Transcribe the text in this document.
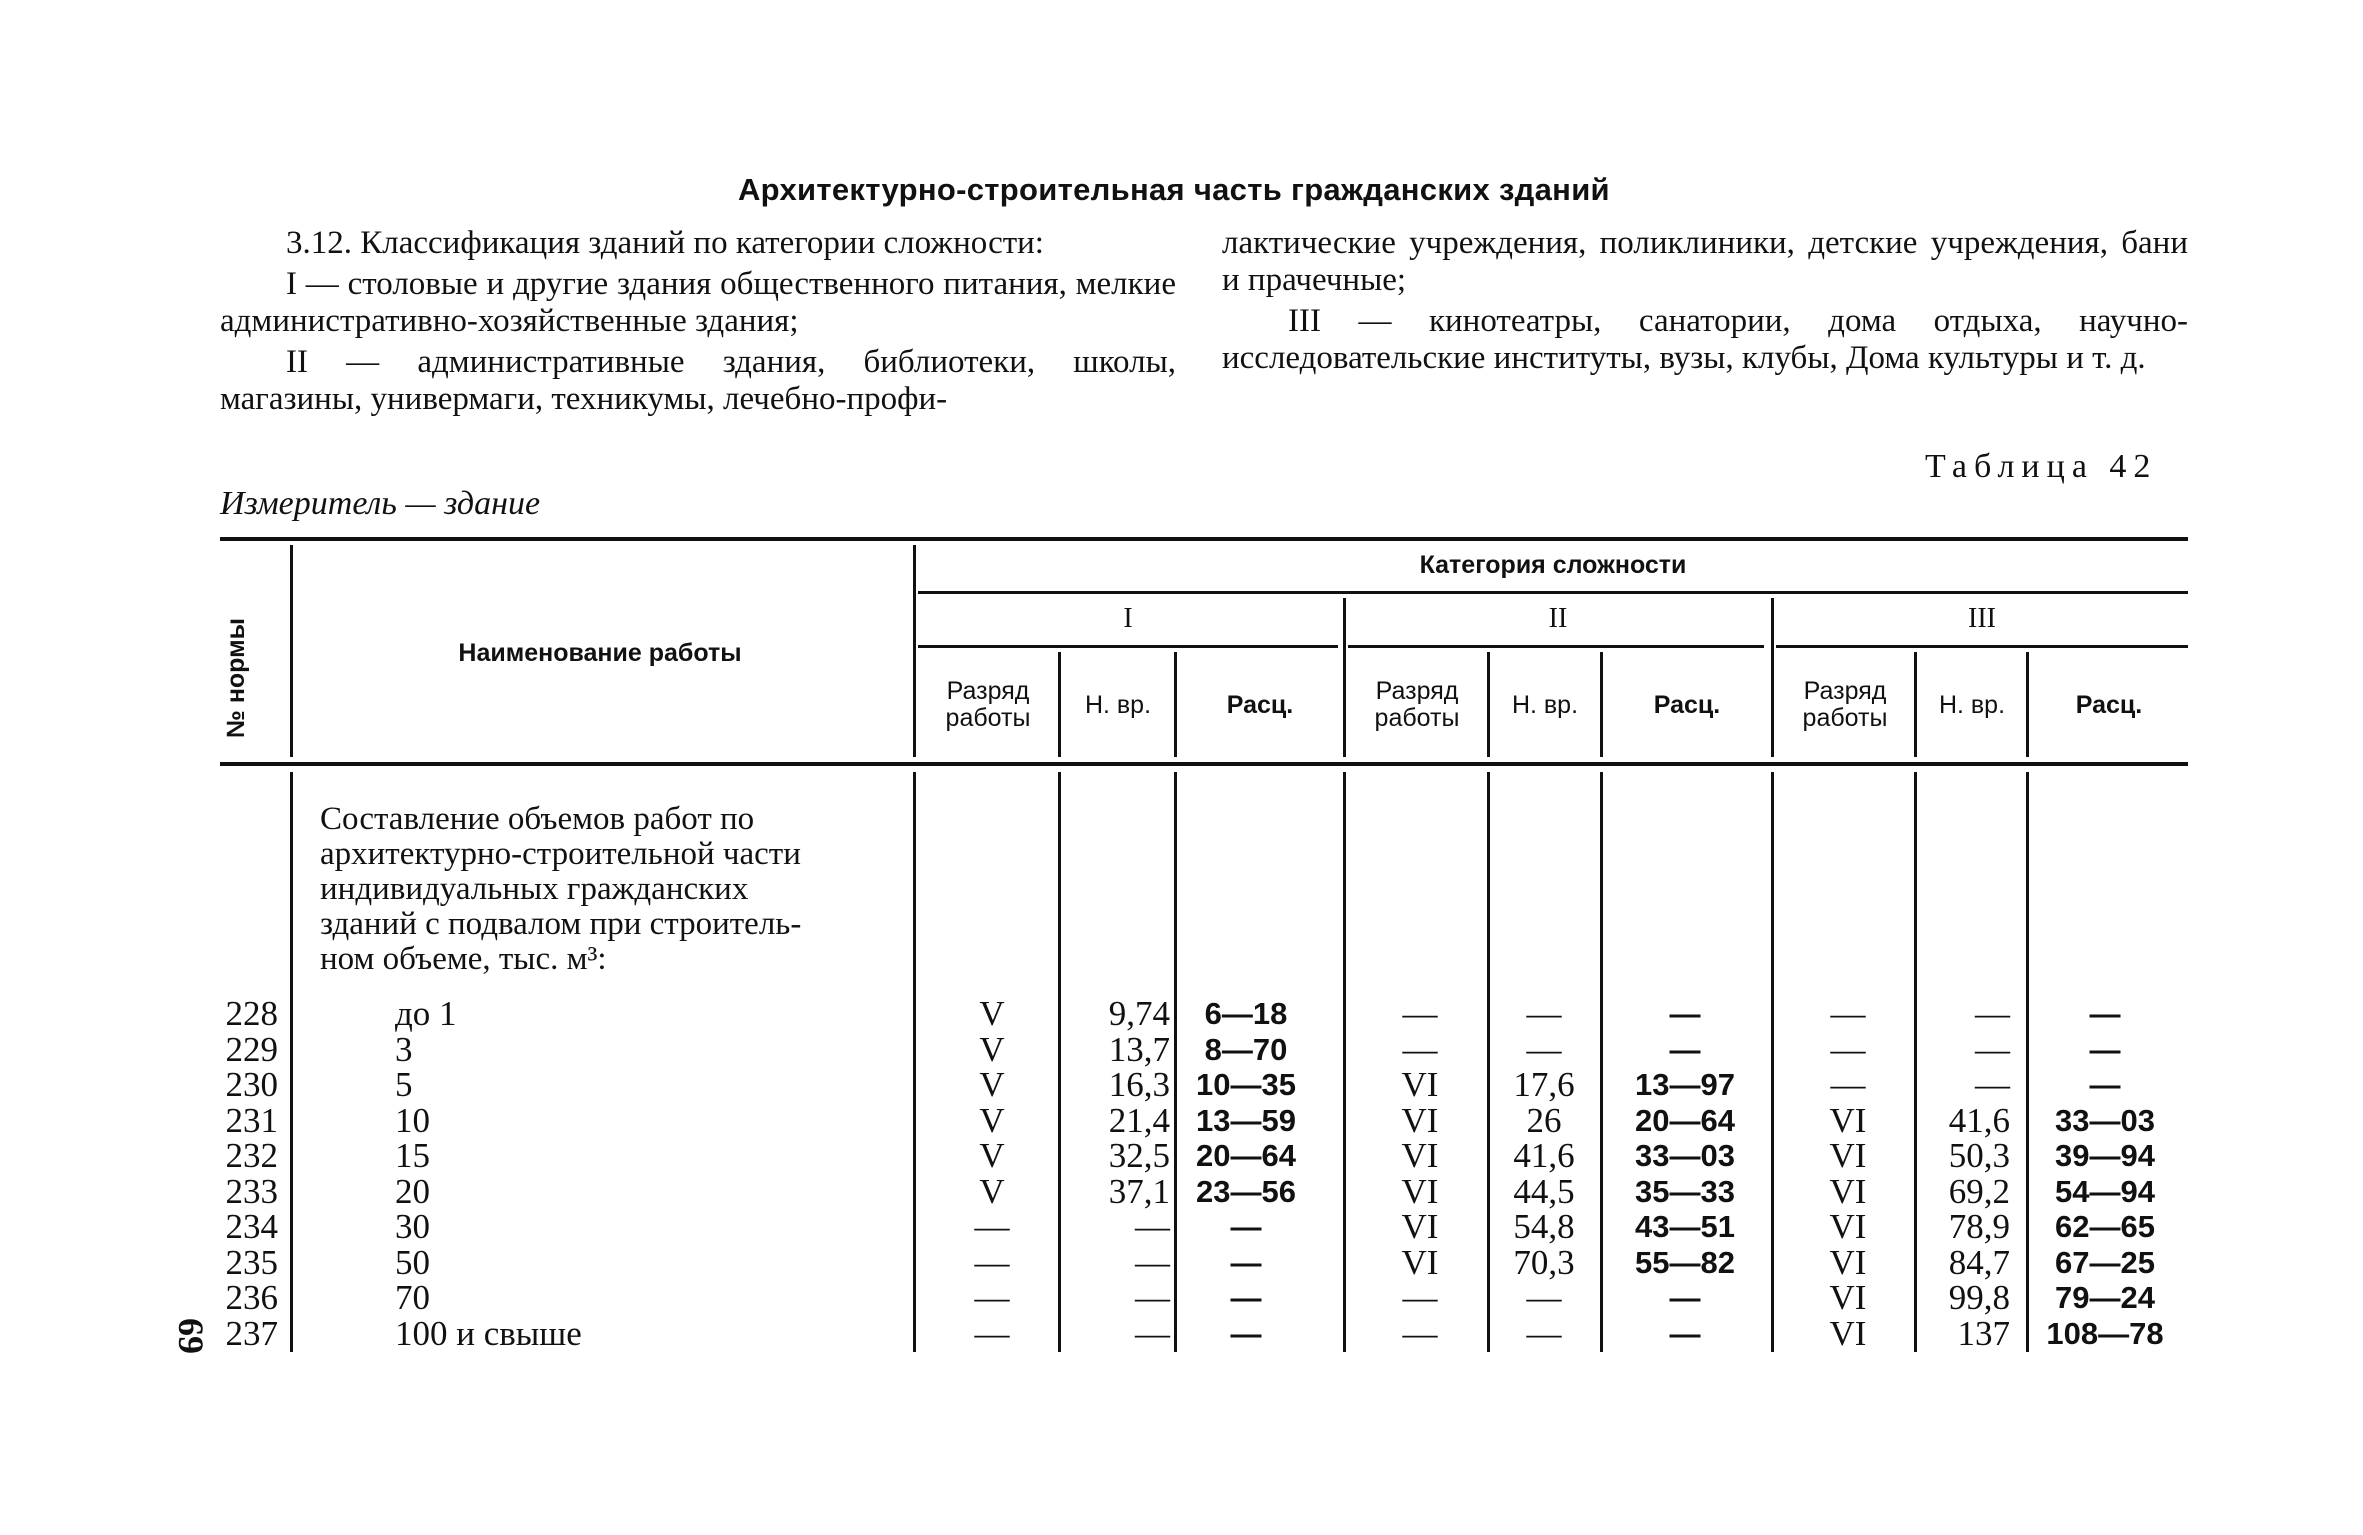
Архитектурно-строительная часть гражданских зданий

3.12. Классификация зданий по категории сложности:

I — столовые и другие здания общественного питания, мелкие административно-хозяйственные здания;

II — административные здания, библиотеки, школы, магазины, универмаги, техникумы, лечебно-профи-

лактические учреждения, поликлиники, детские учреждения, бани и прачечные;

III — кинотеатры, санатории, дома отдыха, научно-исследовательские институты, вузы, клубы, Дома культуры и т. д.

Таблица 42
Измеритель — здание
№ нормы	Наименование работы
Категория сложности
I	II	III
Разряд
работы	Н. вр.	Расц.	Разряд
работы	Н. вр.	Расц.	Разряд
работы	Н. вр.	Расц.
Составление объемов работ по
архитектурно-строительной части
индивидуальных гражданских
зданий с подвалом при строитель-
ном объеме, тыс. м³:
228	до 1	V	9,74	6—18	—	—	—	—	—	—
229	3	V	13,7	8—70	—	—	—	—	—	—
230	5	V	16,3 10—35	VI	17,6	13—97	—	—	—
231	10	V	21,4 13—59	VI	26	20—64	VI	41,6	33—03
232	15	V	32,5 20—64	VI	41,6	33—03	VI	50,3	39—94
233	20	V	37,1 23—56	VI	44,5	35—33	VI	69,2	54—94
234	30	—	—	—	VI	54,8	43—51	VI	78,9	62—65
235	50	—	—	—	VI	70,3	55—82	VI	84,7	67—25
236	70	—	—	—	—	—	—	VI	99,8	79—24
237	100 и свыше	—	—	—	—	—	—	VI	137	108—78
69
